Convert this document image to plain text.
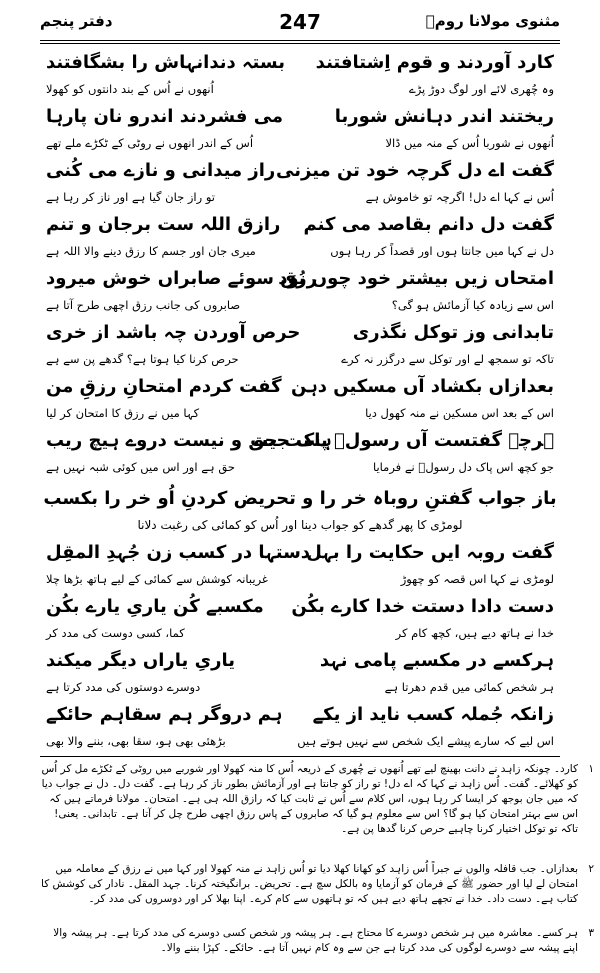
مثنوی مولانا رومؒ
247
دفتر پنجم
کارد آوردند و قوم اِشتافتند
بستہ دندانہاش را بشگافتند
وہ چُھری لائے اور لوگ دوڑ پڑے
اُنھوں نے اُس کے بند دانتوں کو کھولا
ریختند اندر دہانش شوربا
می فشردند اندرو نان پارہا
اُنھوں نے شوربا اُس کے منہ میں ڈالا
اُس کے اندر انھوں نے روٹی کے ٹکڑے ملے تھے
گفت اے دل گرچہ خود تن میزنی
راز میدانی و نازے می کُنی
اُس نے کہا اے دل! اگرچہ تو خاموش ہے
تو راز جان گیا ہے اور ناز کر رہا ہے
گفت دل دانم بقاصد می کنم
رازق اللہ ست برجان و تنم
دل نے کہا میں جانتا ہوں اور قصداً کر رہا ہوں
میری جان اور جسم کا رزق دینے والا اللہ ہے
امتحاں زیں بیشتر خود چوں بُوَد
رزق سوئے صابراں خوش میرود
اس سے زیادہ کیا آزمائش ہو گی؟
صابروں کی جانب رزق اچھی طرح آتا ہے
تابدانی وز توکل نگذری
حرص آوردن چہ باشد از خری
تاکہ تو سمجھ لے اور توکل سے درگزر نہ کرے
حرص کرنا کیا ہوتا ہے؟ گدھے پن سے ہے
بعدازاں بکشاد آں مسکیں دہن
گفت کردم امتحانِ رزقِ من
اس کے بعد اس مسکین نے منہ کھول دیا
کہا میں نے رزق کا امتحان کر لیا
ہرچہ گفتست آں رسولؐ پاک جیب
ہست حق و نیست دروے ہیچ ریب
جو کچھ اس پاک دل رسولؐ نے فرمایا
حق ہے اور اس میں کوئی شبہ نہیں ہے
باز جواب گفتنِ روباہ خر را و تحریض کردنِ اُو خر را بکسب
لومڑی کا پھر گدھے کو جواب دینا اور اُس کو کمائی کی رغبت دلانا
گفت روبہ ایں حکایت را بہل
دستہا در کسب زن جُہدِ المقِل
لومڑی نے کہا اس قصہ کو چھوڑ
غریبانہ کوشش سے کمائی کے لیے ہاتھ بڑھا چلا
دست دادا دستت خدا کارے بکُن
مکسبے کُن یاریِ یارے بکُن
خدا نے ہاتھ دیے ہیں، کچھ کام کر
کما، کسی دوست کی مدد کر
ہرکسے در مکسبے پامی نہد
یاریِ یاراں دیگر میکند
ہر شخص کمائی میں قدم دھرتا ہے
دوسرے دوستوں کی مدد کرتا ہے
زانکہ جُملہ کسب ناید از یکے
ہم دروگر ہم سقاہم حائکے
اس لیے کہ سارے پیشے ایک شخص سے نہیں ہوتے ہیں
بڑھئی بھی ہو، سقا بھی، بننے والا بھی
۱
کارد۔ چونکہ زاہد نے دانت بھینچ لیے تھے اُنھوں نے چُھری کے ذریعہ اُس کا منہ کھولا اور شوربے میں روٹی کے ٹکڑے مل کر اُس کو کھلائے۔ گفت۔ اُس زاہد نے کہا کہ اے دل! تو راز کو جانتا ہے اور آزمائش بطور ناز کر رہا ہے۔ گفت دل۔ دل نے جواب دیا کہ میں جان بوجھ کر ایسا کر رہا ہوں، اس کلام سے اُس نے ثابت کیا کہ رازق اللہ ہی ہے۔ امتحان۔ مولانا فرماتے ہیں کہ اس سے بہتر امتحان کیا ہو گا؟ اس سے معلوم ہو گیا کہ صابروں کے پاس رزق اچھی طرح چل کر آتا ہے۔ تابدانی۔ یعنی! تاکہ تو توکل اختیار کرنا چاہیے حرص کرنا گدھا پن ہے۔
۲
بعدازاں۔ جب قافلہ والوں نے جبراً اُس زاہد کو کھانا کھلا دیا تو اُس زاہد نے منہ کھولا اور کہا میں نے رزق کے معاملہ میں امتحان لے لیا اور حضور ﷺ کے فرمان کو آزمایا وہ بالکل سچ ہے۔ تحریض۔ برانگیختہ کرنا۔ جہد المقل۔ نادار کی کوشش کا کتاب ہے۔ دست داد۔ خدا نے تجھے ہاتھ دیے ہیں کہ تو ہاتھوں سے کام کرے۔ اپنا بھلا کر اور دوسروں کی مدد کر۔
۳
ہر کسے۔ معاشرہ میں ہر شخص دوسرے کا محتاج ہے۔ ہر پیشہ ور شخص کسی دوسرے کی مدد کرتا ہے۔ ہر پیشہ والا اپنے پیشہ سے دوسرے لوگوں کی مدد کرتا ہے جن سے وہ کام نہیں آتا ہے۔ حائکے۔ کپڑا بننے والا۔
